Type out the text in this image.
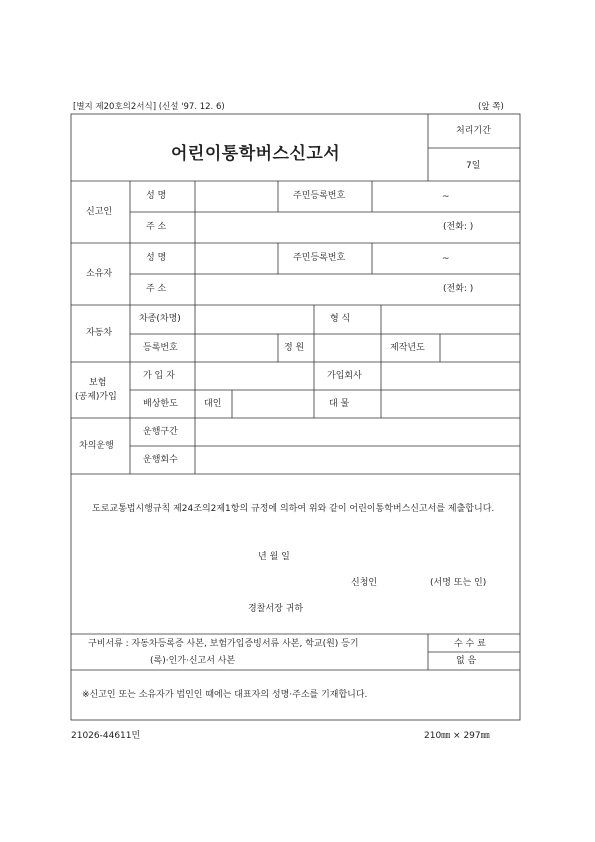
[별지 제20호의2서식] (신설 '97. 12. 6)	(앞 쪽)
어린이통학버스신고서
처리기간
7일
신고인
성 명	주민등록번호	~
주 소	(전화: )
소유자
성 명	주민등록번호	~
주 소	(전화: )
자동차
차종(차명)	형 식
등록번호	정 원	제작년도
보험
(공제)가입
가 입 자	가입회사
배상한도	대인	대 물
차의운행
운행구간
운행회수
도로교통법시행규칙 제24조의2제1항의 규정에 의하여 위와 같이 어린이통학버스신고서를 제출합니다.
년 월 일
신청인	(서명 또는 인)
경찰서장 귀하
구비서류 : 자동차등록증 사본, 보험가입증빙서류 사본, 학교(원) 등기
(록)·인가·신고서 사본
수 수 료
없 음
※신고인 또는 소유자가 법인인 때에는 대표자의 성명·주소를 기재합니다.
21026-44611민	210㎜ × 297㎜
